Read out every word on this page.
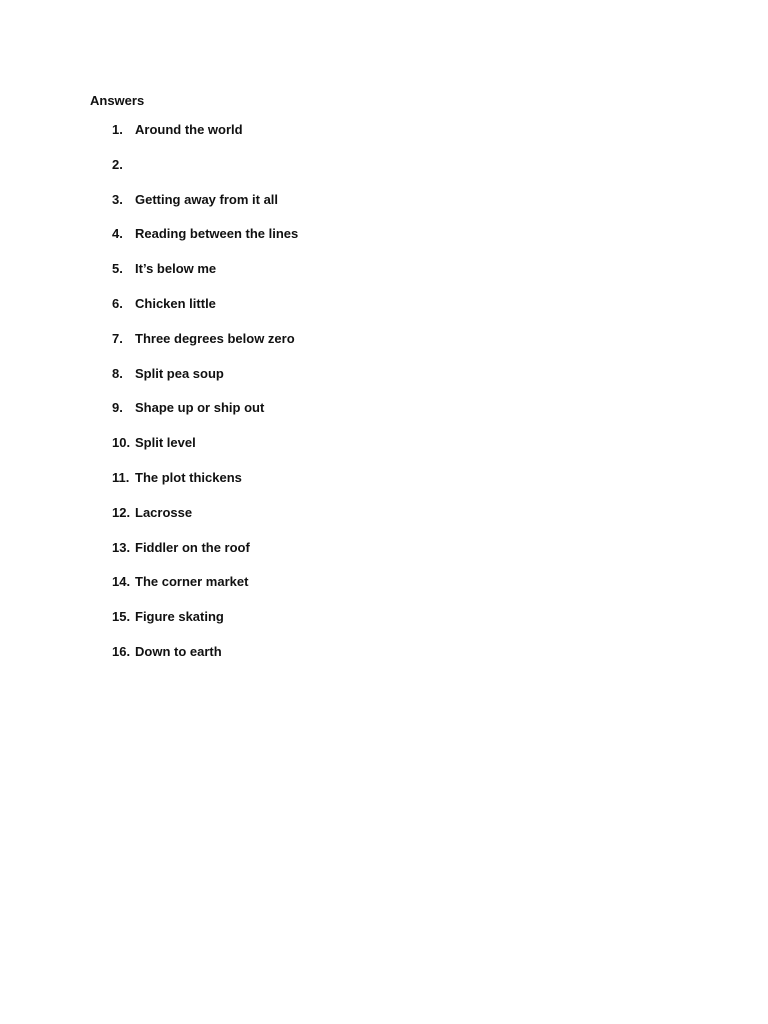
Answers
1. Around the world
2.
3. Getting away from it all
4. Reading between the lines
5. It’s below me
6. Chicken little
7. Three degrees below zero
8. Split pea soup
9. Shape up or ship out
10. Split level
11. The plot thickens
12. Lacrosse
13. Fiddler on the roof
14. The corner market
15. Figure skating
16. Down to earth
